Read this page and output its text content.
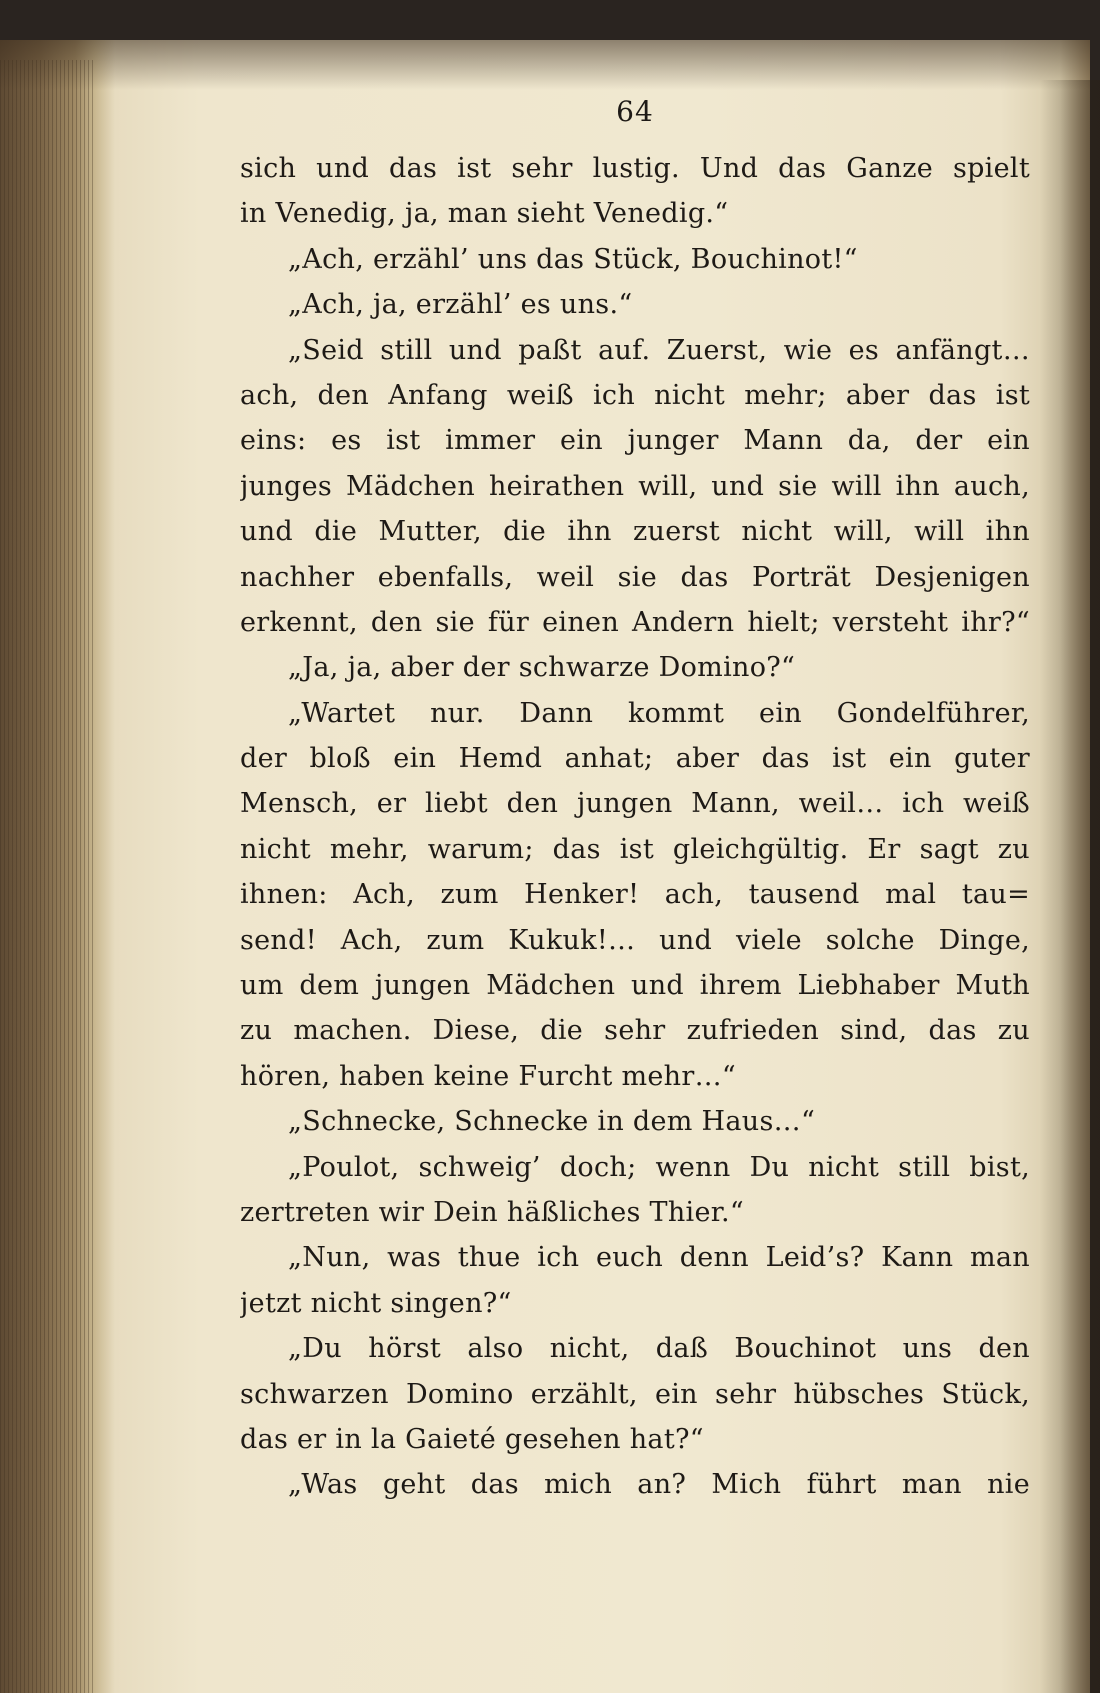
64
sich und das ist sehr lustig. Und das Ganze spielt
in Venedig, ja, man sieht Venedig.“
„Ach, erzähl’ uns das Stück, Bouchinot!“
„Ach, ja, erzähl’ es uns.“
„Seid still und paßt auf. Zuerst, wie es anfängt…
ach, den Anfang weiß ich nicht mehr; aber das ist
eins: es ist immer ein junger Mann da, der ein
junges Mädchen heirathen will, und sie will ihn auch,
und die Mutter, die ihn zuerst nicht will, will ihn
nachher ebenfalls, weil sie das Porträt Desjenigen
erkennt, den sie für einen Andern hielt; versteht ihr?“
„Ja, ja, aber der schwarze Domino?“
„Wartet nur. Dann kommt ein Gondelführer,
der bloß ein Hemd anhat; aber das ist ein guter
Mensch, er liebt den jungen Mann, weil… ich weiß
nicht mehr, warum; das ist gleichgültig. Er sagt zu
ihnen: Ach, zum Henker! ach, tausend mal tau=
send! Ach, zum Kukuk!… und viele solche Dinge,
um dem jungen Mädchen und ihrem Liebhaber Muth
zu machen. Diese, die sehr zufrieden sind, das zu
hören, haben keine Furcht mehr…“
„Schnecke, Schnecke in dem Haus…“
„Poulot, schweig’ doch; wenn Du nicht still bist,
zertreten wir Dein häßliches Thier.“
„Nun, was thue ich euch denn Leid’s? Kann man
jetzt nicht singen?“
„Du hörst also nicht, daß Bouchinot uns den
schwarzen Domino erzählt, ein sehr hübsches Stück,
das er in la Gaieté gesehen hat?“
„Was geht das mich an? Mich führt man nie
